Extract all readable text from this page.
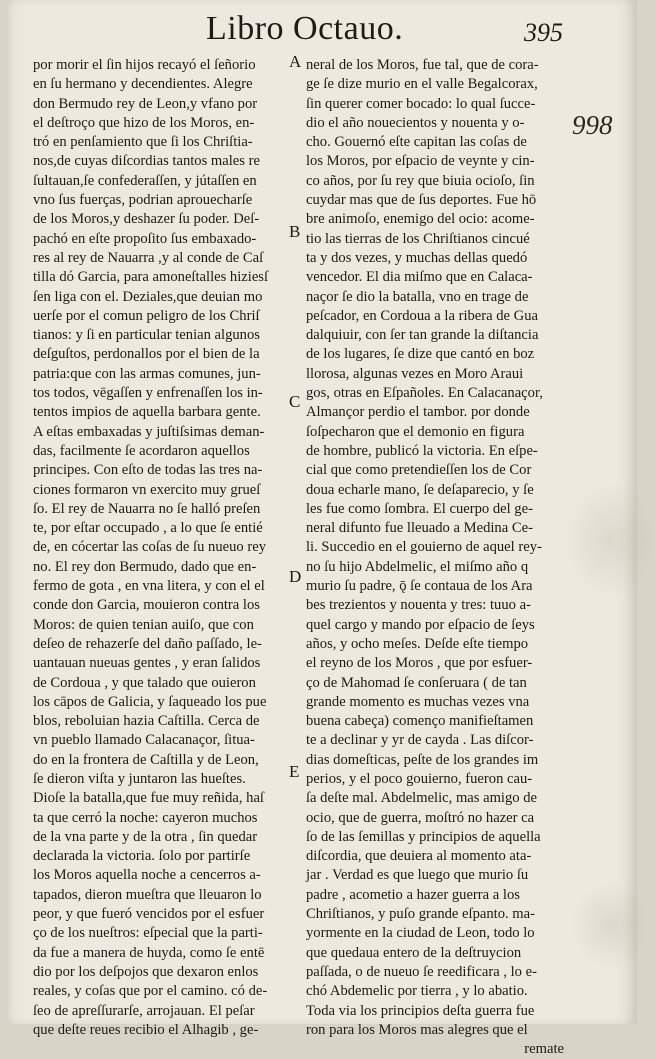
Libro Octauo.	395
998
por morir el ſin hijos recayó el ſeñorio
en ſu hermano y decendientes. Alegre
don Bermudo rey de Leon,y vfano por
el deſtroço que hizo de los Moros, en-
tró en penſamiento que ſi los Chriſtia-
nos,de cuyas diſcordias tantos males re
ſultauan,ſe confederaſſen, y jútaſſen en
vno ſus fuerças, podrian aprouecharſe
de los Moros,y deshazer ſu poder. Deſ-
pachó en eſte propoſito ſus embaxado-
res al rey de Nauarra ,y al conde de Caſ
tilla dó Garcia, para amoneſtalles hiziesſ
ſen liga con el. Deziales,que deuian mo
uerſe por el comun peligro de los Chriſ
tianos: y ſi en particular tenian algunos
deſguſtos, perdonallos por el bien de la
patria:que con las armas comunes, jun-
tos todos, vēgaſſen y enfrenaſſen los in-
tentos impios de aquella barbara gente.
A eſtas embaxadas y juſtiſsimas deman-
das, facilmente ſe acordaron aquellos
principes. Con eſto de todas las tres na-
ciones formaron vn exercito muy grueſ
ſo. El rey de Nauarra no ſe halló preſen
te, por eſtar occupado , a lo que ſe entié
de, en cócertar las coſas de ſu nueuo rey
no. El rey don Bermudo, dado que en-
fermo de gota , en vna litera, y con el el
conde don Garcia, mouieron contra los
Moros: de quien tenian auiſo, que con
deſeo de rehazerſe del daño paſſado, le-
uantauan nueuas gentes , y eran ſalidos
de Cordoua , y que talado que ouieron
los cāpos de Galicia, y ſaqueado los pue
blos, reboluian hazia Caſtilla. Cerca de
vn pueblo llamado Calacanaçor, ſitua-
do en la frontera de Caſtilla y de Leon,
ſe dieron viſta y juntaron las hueſtes.
Dioſe la batalla,que fue muy reñida, haſ
ta que cerró la noche: cayeron muchos
de la vna parte y de la otra , ſin quedar
declarada la victoria. ſolo por partirſe
los Moros aquella noche a cencerros a-
tapados, dieron mueſtra que lleuaron lo
peor, y que fueró vencidos por el esfuer
ço de los nueſtros: eſpecial que la parti-
da fue a manera de huyda, como ſe entē
dio por los deſpojos que dexaron enlos
reales, y coſas que por el camino. có de-
ſeo de apreſſurarſe, arrojauan. El peſar
que deſte reues recibio el Alhagib , ge-
neral de los Moros, fue tal, que de cora-
ge ſe dize murio en el valle Begalcorax,
ſin querer comer bocado: lo qual ſucce-
dio el año nouecientos y nouenta y o-
cho. Gouernó eſte capitan las coſas de
los Moros, por eſpacio de veynte y cin-
co años, por ſu rey que biuia ocioſo, ſin
cuydar mas que de ſus deportes. Fue hō
bre animoſo, enemigo del ocio: acome-
tio las tierras de los Chriſtianos cincué
ta y dos vezes, y muchas dellas quedó
vencedor. El dia miſmo que en Calaca-
naçor ſe dio la batalla, vno en trage de
peſcador, en Cordoua a la ribera de Gua
dalquiuir, con ſer tan grande la diſtancia
de los lugares, ſe dize que cantó en boz
llorosa, algunas vezes en Moro Araui
gos, otras en Eſpañoles. En Calacanaçor,
Almançor perdio el tambor. por donde
ſoſpecharon que el demonio en figura
de hombre, publicó la victoria. En eſpe-
cial que como pretendieſſen los de Cor
doua echarle mano, ſe deſaparecio, y ſe
les fue como ſombra. El cuerpo del ge-
neral difunto fue lleuado a Medina Ce-
li. Succedio en el gouierno de aquel rey-
no ſu hijo Abdelmelic, el miſmo año q
murio ſu padre, ǭ ſe contaua de los Ara
bes trezientos y nouenta y tres: tuuo a-
quel cargo y mando por eſpacio de ſeys
años, y ocho meſes. Deſde eſte tiempo
el reyno de los Moros , que por esfuer-
ço de Mahomad ſe conſeruara ( de tan
grande momento es muchas vezes vna
buena cabeça) començo manifieſtamen
te a declinar y yr de cayda . Las diſcor-
dias domeſticas, peſte de los grandes im
perios, y el poco gouierno, fueron cau-
ſa deſte mal. Abdelmelic, mas amigo de
ocio, que de guerra, moſtró no hazer ca
ſo de las ſemillas y principios de aquella
diſcordia, que deuiera al momento ata-
jar . Verdad es que luego que murio ſu
padre , acometio a hazer guerra a los
Chriſtianos, y puſo grande eſpanto. ma-
yormente en la ciudad de Leon, todo lo
que quedaua entero de la deſtruycion
paſſada, o de nueuo ſe reedificara , lo e-
chó Abdemelic por tierra , y lo abatio.
Toda via los principios deſta guerra fue
ron para los Moros mas alegres que el
remate
A
B
C
D
E
